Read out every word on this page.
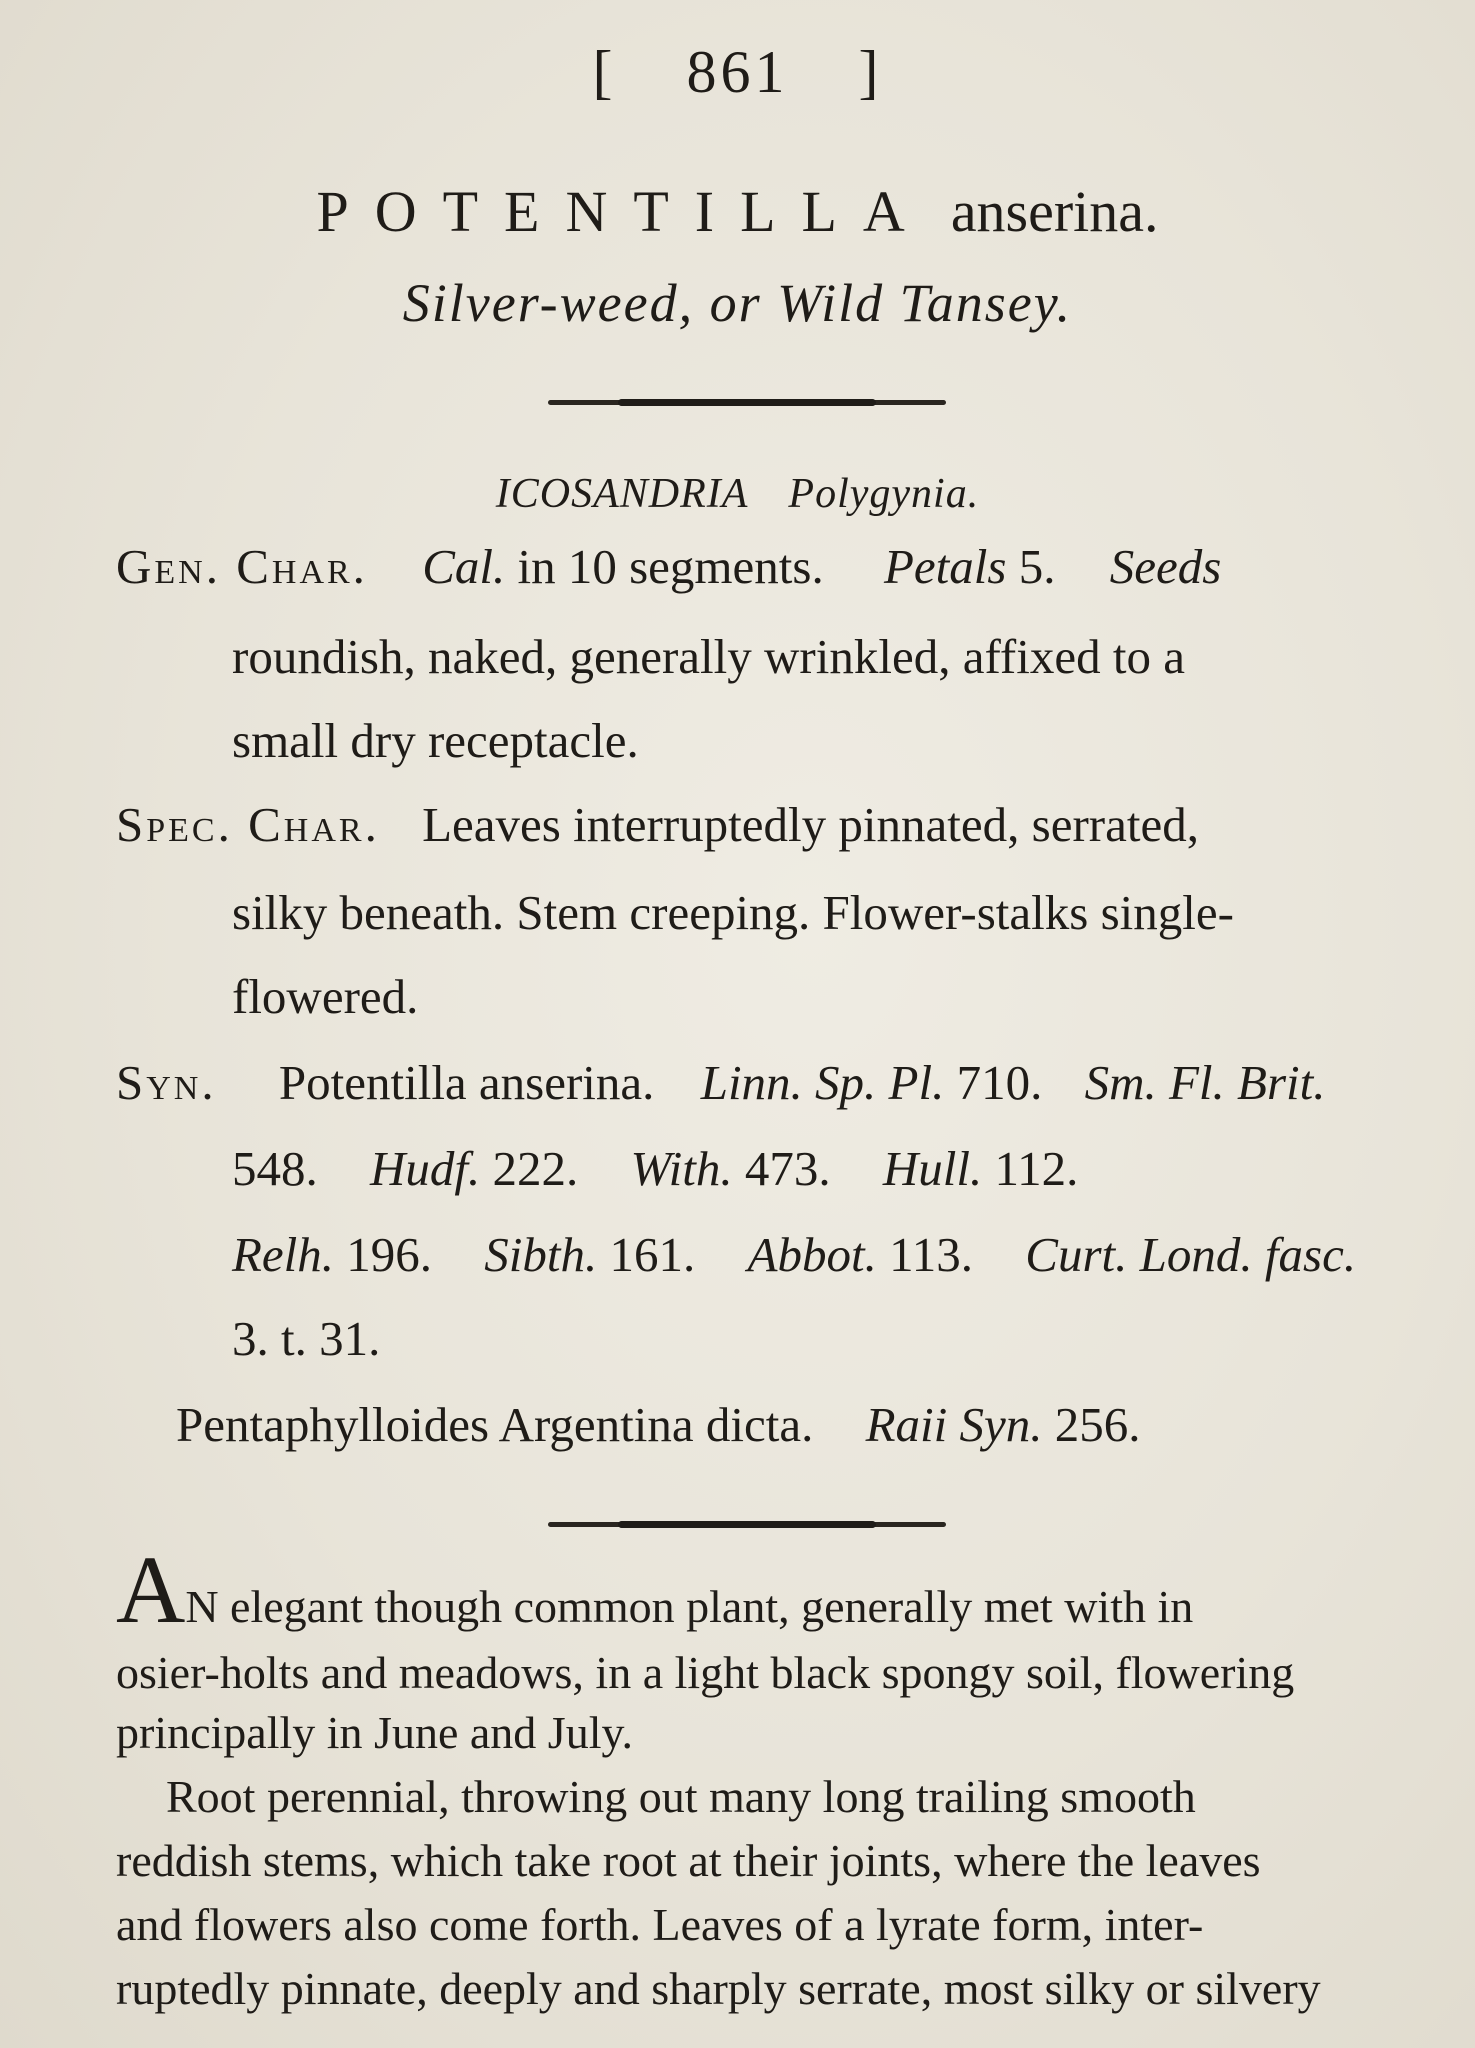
[ 861 ]
POTENTILLA anserina.
Silver-weed, or Wild Tansey.
ICOSANDRIA Polygynia.
Gen. Char. Cal. in 10 segments. Petals 5. Seeds
roundish, naked, generally wrinkled, affixed to a
small dry receptacle.
Spec. Char. Leaves interruptedly pinnated, serrated,
silky beneath. Stem creeping. Flower-stalks single-
flowered.
Syn. Potentilla anserina. Linn. Sp. Pl. 710. Sm. Fl. Brit.
548. Hudf. 222. With. 473. Hull. 112.
Relh. 196. Sibth. 161. Abbot. 113. Curt. Lond. fasc.
3. t. 31.
Pentaphylloides Argentina dicta. Raii Syn. 256.
AN elegant though common plant, generally met with in
osier-holts and meadows, in a light black spongy soil, flowering
principally in June and July.
Root perennial, throwing out many long trailing smooth
reddish stems, which take root at their joints, where the leaves
and flowers also come forth. Leaves of a lyrate form, inter-
ruptedly pinnate, deeply and sharply serrate, most silky or silvery
